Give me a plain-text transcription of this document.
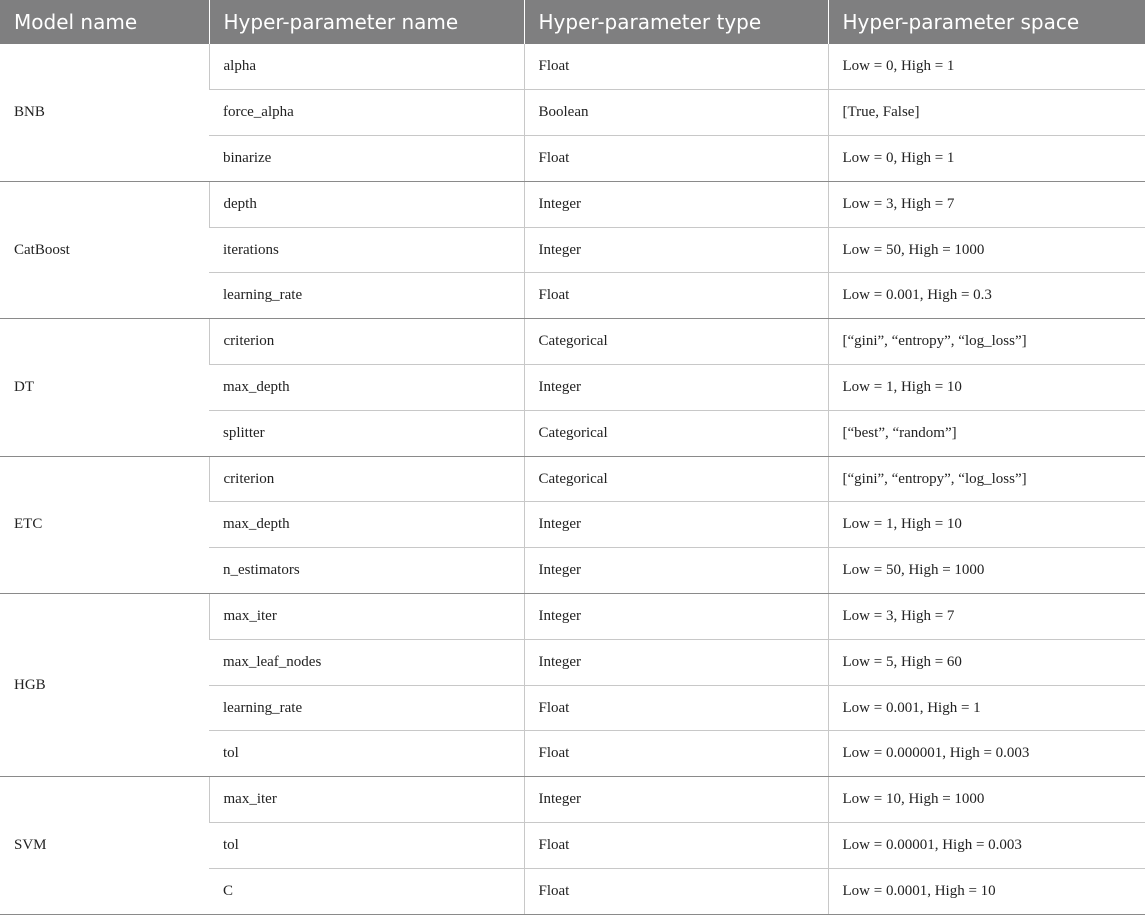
Model name	Hyper-parameter name	Hyper-parameter type	Hyper-parameter space
BNB	alpha	Float	Low = 0, High = 1
	force_alpha	Boolean	[True, False]
	binarize	Float	Low = 0, High = 1
CatBoost	depth	Integer	Low = 3, High = 7
	iterations	Integer	Low = 50, High = 1000
	learning_rate	Float	Low = 0.001, High = 0.3
DT	criterion	Categorical	[“gini”, “entropy”, “log_loss”]
	max_depth	Integer	Low = 1, High = 10
	splitter	Categorical	[“best”, “random”]
ETC	criterion	Categorical	[“gini”, “entropy”, “log_loss”]
	max_depth	Integer	Low = 1, High = 10
	n_estimators	Integer	Low = 50, High = 1000
HGB	max_iter	Integer	Low = 3, High = 7
	max_leaf_nodes	Integer	Low = 5, High = 60
	learning_rate	Float	Low = 0.001, High = 1
	tol	Float	Low = 0.000001, High = 0.003
SVM	max_iter	Integer	Low = 10, High = 1000
	tol	Float	Low = 0.00001, High = 0.003
	C	Float	Low = 0.0001, High = 10
